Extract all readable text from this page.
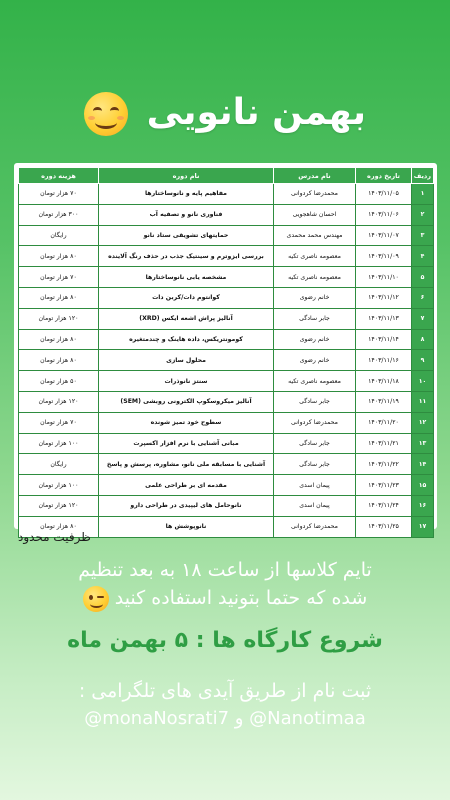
بهمن نانویی
ردیف	تاریخ دوره	نام مدرس	نام دوره	هزینه دوره
۱	۱۴۰۳/۱۱/۰۵	محمدرضا کردوانی	مفاهیم پایه و نانوساختارها	۷۰ هزار تومان
۲	۱۴۰۳/۱۱/۰۶	احسان شاهجویی	فناوری نانو و تصفیه آب	۳۰۰ هزار تومان
۳	۱۴۰۳/۱۱/۰۷	مهندس محمد محمدی	حمایتهای تشویقی ستاد نانو	رایگان
۴	۱۴۰۳/۱۱/۰۹	معصومه ناصری تکیه	بررسی ایزوترم و سینتیک جذب در حذف رنگ آلاینده	۸۰ هزار تومان
۵	۱۴۰۳/۱۱/۱۰	معصومه ناصری تکیه	مشخصه یابی نانوساختارها	۷۰ هزار تومان
۶	۱۴۰۳/۱۱/۱۲	خانم رضوی	کوانتوم دات/کربن دات	۸۰ هزار تومان
۷	۱۴۰۳/۱۱/۱۳	جابر سادگی	آنالیز پراش اشعه ایکس (XRD)	۱۲۰ هزار تومان
۸	۱۴۰۳/۱۱/۱۴	خانم رضوی	کومونتریکس، داده هاینک و چندمتغیره	۸۰ هزار تومان
۹	۱۴۰۳/۱۱/۱۶	خانم رضوی	محلول سازی	۸۰ هزار تومان
۱۰	۱۴۰۳/۱۱/۱۸	معصومه ناصری تکیه	سنتز نانوذرات	۵۰ هزار تومان
۱۱	۱۴۰۳/۱۱/۱۹	جابر سادگی	آنالیز میکروسکوپ الکترونی روبشی (SEM)	۱۲۰ هزار تومان
۱۲	۱۴۰۳/۱۱/۲۰	محمدرضا کردوانی	سطوح خود تمیز شونده	۷۰ هزار تومان
۱۳	۱۴۰۳/۱۱/۲۱	جابر سادگی	مبانی آشنایی با نرم افزار اکسپرت	۱۰۰ هزار تومان
۱۴	۱۴۰۳/۱۱/۲۲	جابر سادگی	آشنایی با مسابقه ملی نانو، مشاوره، پرسش و پاسخ	رایگان
۱۵	۱۴۰۳/۱۱/۲۳	پیمان اسدی	مقدمه ای بر طراحی علمی	۱۰۰ هزار تومان
۱۶	۱۴۰۳/۱۱/۲۴	پیمان اسدی	نانوحامل های لیپیدی در طراحی دارو	۱۲۰ هزار تومان
۱۷	۱۴۰۳/۱۱/۲۵	محمدرضا کردوانی	نانوپوشش ها	۸۰ هزار تومان
ظرفیت محدود
تایم کلاسها از ساعت ۱۸ به بعد تنظیم
شده که حتما بتونید استفاده کنید
شروع کارگاه ها : ۵ بهمن ماه
ثبت نام از طریق آیدی های تلگرامی :
@monaNosrati7 و @Nanotimaa
